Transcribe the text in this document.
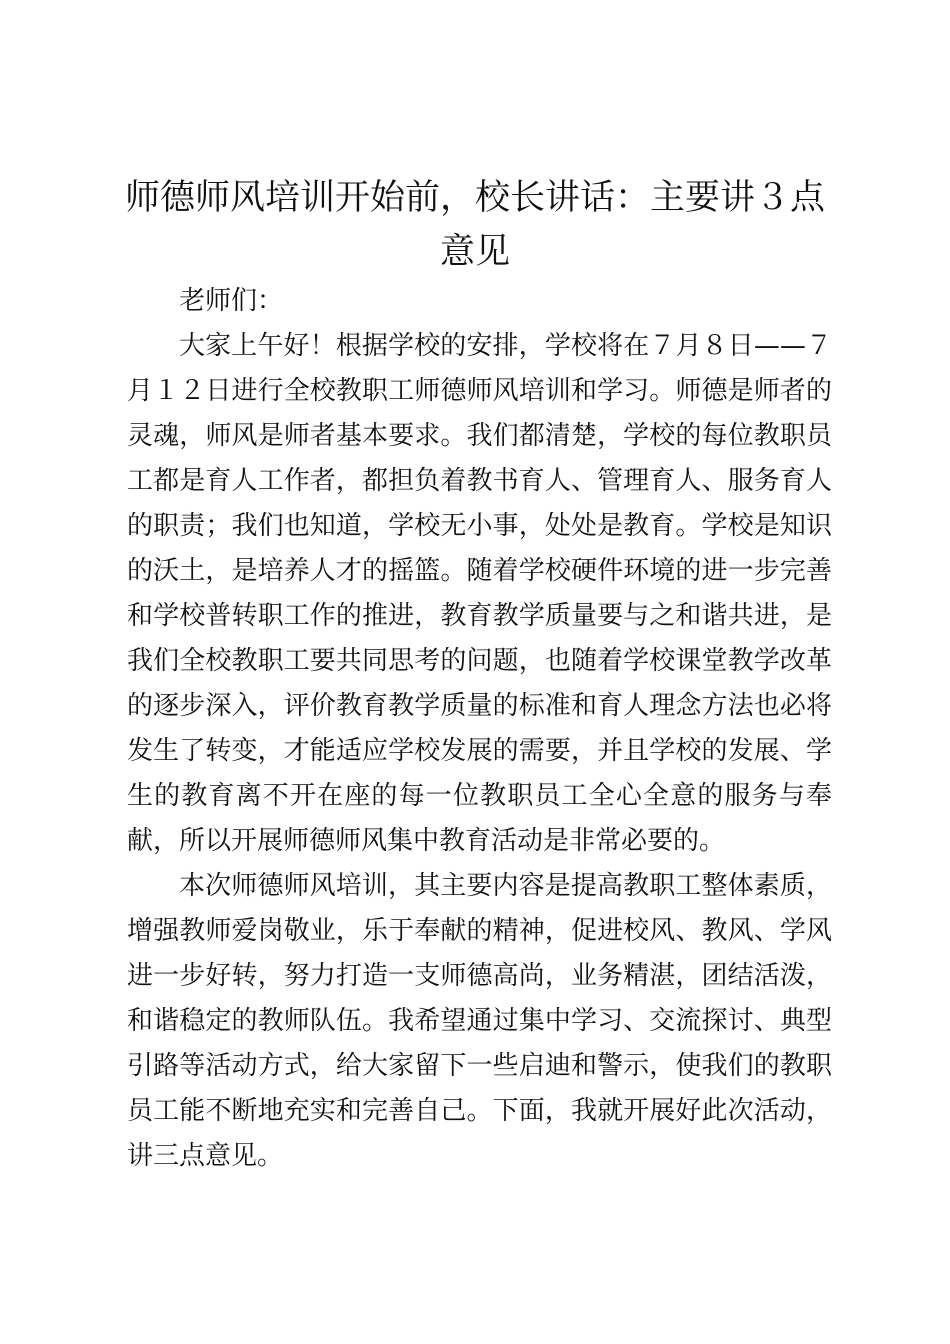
师德师风培训开始前，校长讲话：主要讲３点意见

老师们：

大家上午好！根据学校的安排，学校将在７月８日——７月１２日进行全校教职工师德师风培训和学习。师德是师者的灵魂，师风是师者基本要求。我们都清楚，学校的每位教职员工都是育人工作者，都担负着教书育人、管理育人、服务育人的职责；我们也知道，学校无小事，处处是教育。学校是知识的沃土，是培养人才的摇篮。随着学校硬件环境的进一步完善和学校普转职工作的推进，教育教学质量要与之和谐共进，是我们全校教职工要共同思考的问题，也随着学校课堂教学改革的逐步深入，评价教育教学质量的标准和育人理念方法也必将发生了转变，才能适应学校发展的需要，并且学校的发展、学生的教育离不开在座的每一位教职员工全心全意的服务与奉献，所以开展师德师风集中教育活动是非常必要的。

本次师德师风培训，其主要内容是提高教职工整体素质，增强教师爱岗敬业，乐于奉献的精神，促进校风、教风、学风进一步好转，努力打造一支师德高尚，业务精湛，团结活泼，和谐稳定的教师队伍。我希望通过集中学习、交流探讨、典型引路等活动方式，给大家留下一些启迪和警示，使我们的教职员工能不断地充实和完善自己。下面，我就开展好此次活动，讲三点意见。
